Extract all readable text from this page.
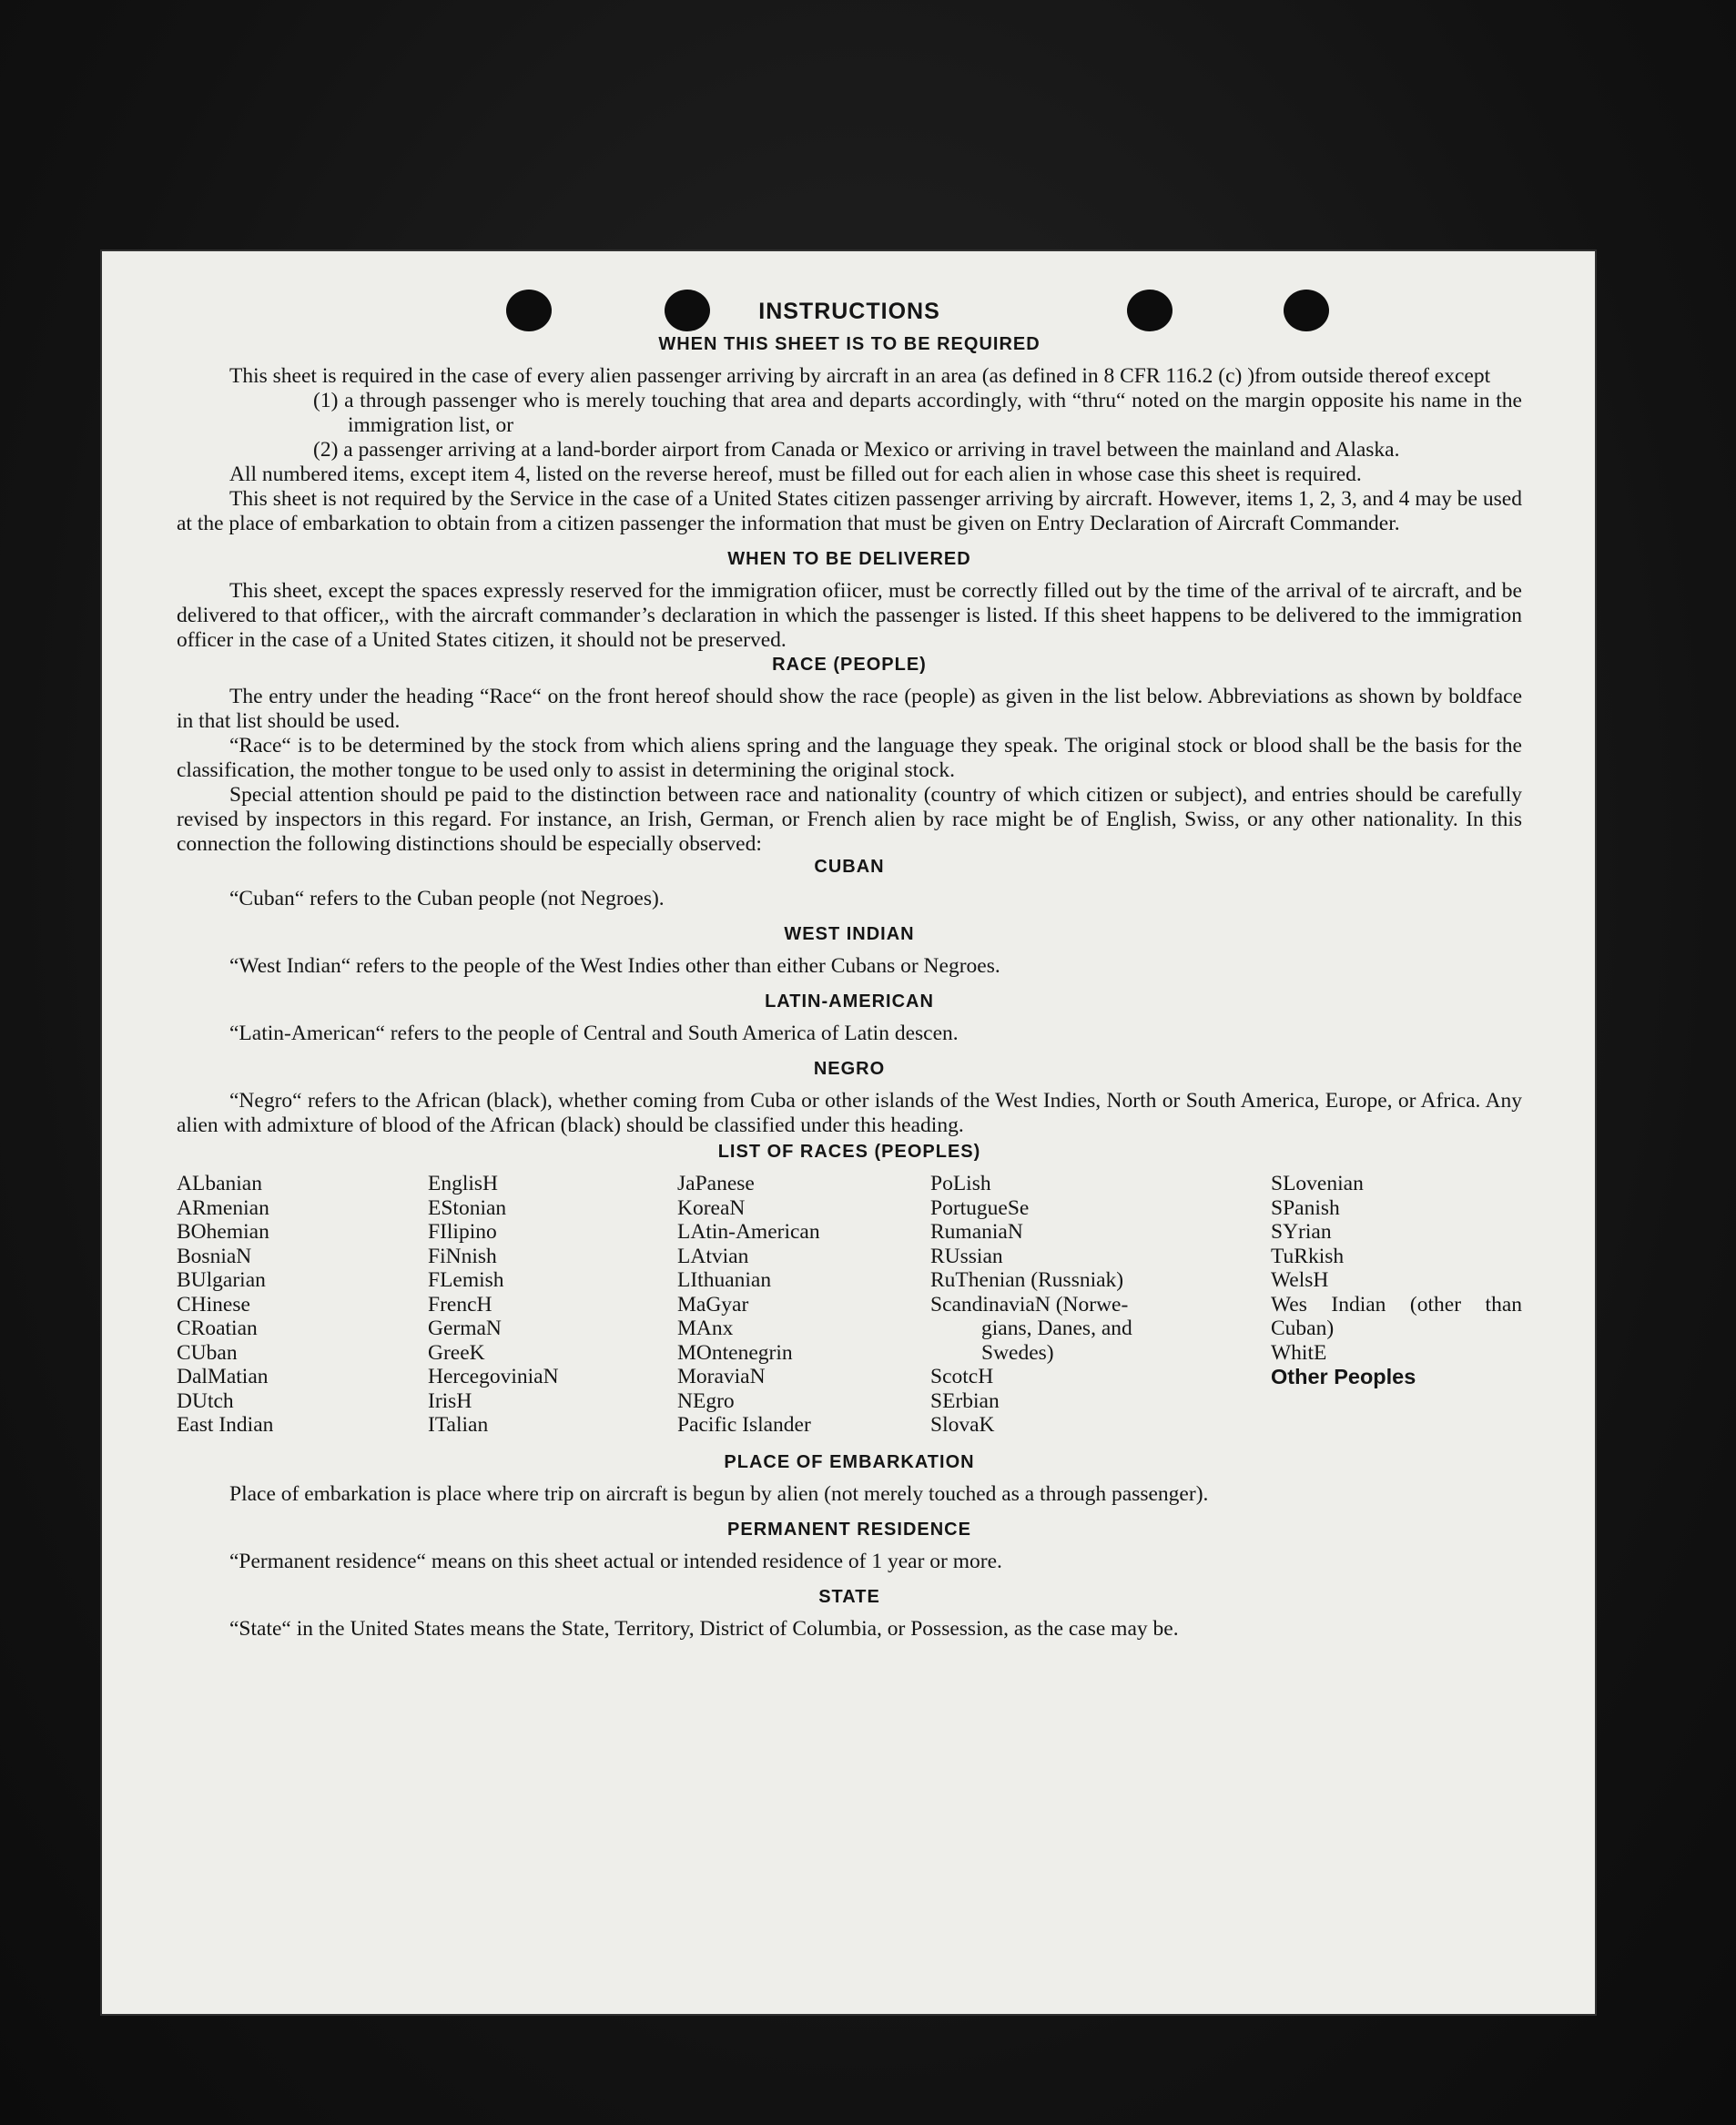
INSTRUCTIONS
WHEN THIS SHEET IS TO BE REQUIRED

This sheet is required in the case of every alien passenger arriving by aircraft in an area (as defined in 8 CFR 116.2 (c) )from outside thereof except

(1) a through passenger who is merely touching that area and departs accordingly, with “thru“ noted on the margin opposite his name in the immigration list, or

(2) a passenger arriving at a land-border airport from Canada or Mexico or arriving in travel between the mainland and Alaska.

All numbered items, except item 4, listed on the reverse hereof, must be filled out for each alien in whose case this sheet is required.

This sheet is not required by the Service in the case of a United States citizen passenger arriving by aircraft. However, items 1, 2, 3, and 4 may be used at the place of embarkation to obtain from a citizen passenger the information that must be given on Entry Declaration of Aircraft Commander.

WHEN TO BE DELIVERED

This sheet, except the spaces expressly reserved for the immigration ofiicer, must be correctly filled out by the time of the arrival of te aircraft, and be delivered to that officer,, with the aircraft commander’s declaration in which the passenger is listed. If this sheet happens to be delivered to the immigration officer in the case of a United States citizen, it should not be preserved.

RACE (PEOPLE)

The entry under the heading “Race“ on the front hereof should show the race (people) as given in the list below. Abbreviations as shown by boldface in that list should be used.

“Race“ is to be determined by the stock from which aliens spring and the language they speak. The original stock or blood shall be the basis for the classification, the mother tongue to be used only to assist in determining the original stock.

Special attention should pe paid to the distinction between race and nationality (country of which citizen or subject), and entries should be carefully revised by inspectors in this regard. For instance, an Irish, German, or French alien by race might be of English, Swiss, or any other nationality. In this connection the following distinctions should be especially observed:

CUBAN

“Cuban“ refers to the Cuban people (not Negroes).

WEST INDIAN

“West Indian“ refers to the people of the West Indies other than either Cubans or Negroes.

LATIN-AMERICAN

“Latin-American“ refers to the people of Central and South America of Latin descen.

NEGRO

“Negro“ refers to the African (black), whether coming from Cuba or other islands of the West Indies, North or South America, Europe, or Africa. Any alien with admixture of blood of the African (black) should be classified under this heading.

LIST OF RACES (PEOPLES)
ALbanian
ARmenian
BOhemian
BosniaN
BUlgarian
CHinese
CRoatian
CUban
DalMatian
DUtch
East Indian
EnglisH
EStonian
FIlipino
FiNnish
FLemish
FrencH
GermaN
GreeK
HercegoviniaN
IrisH
ITalian
JaPanese
KoreaN
LAtin-American
LAtvian
LIthuanian
MaGyar
MAnx
MOntenegrin
MoraviaN
NEgro
Pacific Islander
PoLish
PortugueSe
RumaniaN
RUssian
RuThenian (Russniak)
ScandinaviaN (Norwe-
gians, Danes, and
Swedes)
ScotcH
SErbian
SlovaK
SLovenian
SPanish
SYrian
TuRkish
WelsH
Wes Indian (other than Cuban)
WhitE
Other Peoples
PLACE OF EMBARKATION

Place of embarkation is place where trip on aircraft is begun by alien (not merely touched as a through passenger).

PERMANENT RESIDENCE

“Permanent residence“ means on this sheet actual or intended residence of 1 year or more.

STATE

“State“ in the United States means the State, Territory, District of Columbia, or Possession, as the case may be.
